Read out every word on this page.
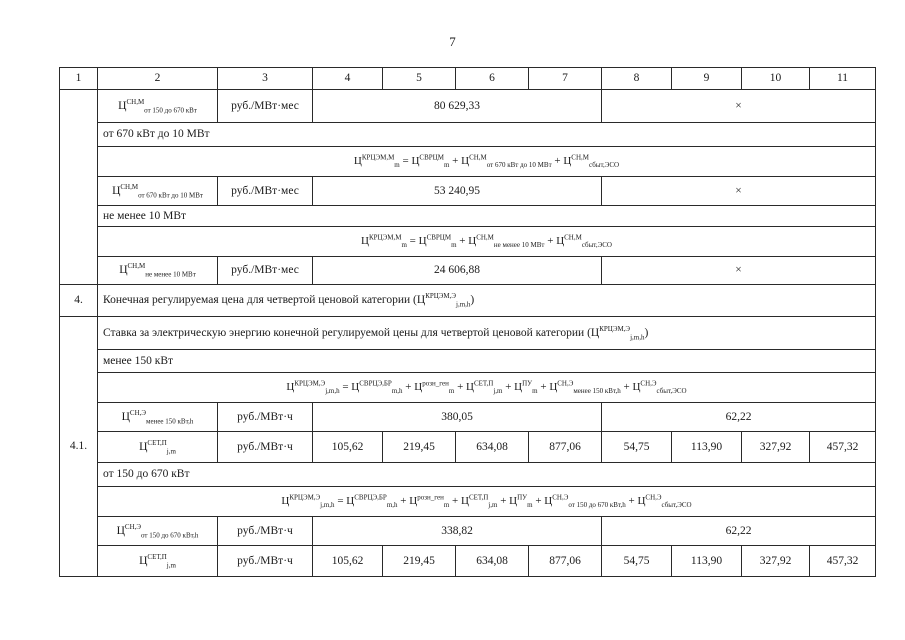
7
1	2	3	4	5	6	7	8	9	10	11
	$Ц^{СН,М}_{от 150 до 670 кВт}$	руб./МВт·мес	80 629,33				×			
	от 670 кВт до 10 МВт									
	$Ц^{КРЦЭМ,М}_m = Ц^{СВРЦМ}_m + Ц^{СН,М}_{от 670 кВт до 10 МВт} + Ц^{СН,М}_{сбыт,ЭСО}$
	$Ц^{СН,М}_{от 670 кВт до 10 МВт}$	руб./МВт·мес	53 240,95				×			
	не менее 10 МВт									
	$Ц^{КРЦЭМ,М}_m = Ц^{СВРЦМ}_m + Ц^{СН,М}_{не менее 10 МВт} + Ц^{СН,М}_{сбыт,ЭСО}$
	$Ц^{СН,М}_{не менее 10 МВт}$	руб./МВт·мес	24 606,88				×			
4.	Конечная регулируемая цена для четвертой ценовой категории $(Ц^{КРЦЭМ,Э}_{j,m,h})$									
4.1.	Ставка за электрическую энергию конечной регулируемой цены для четвертой ценовой категории $(Ц^{КРЦЭМ,Э}_{j,m,h})$									
	менее 150 кВт									
	$Ц^{КРЦЭМ,Э}_{j,m,h} = Ц^{СВРЦЭ,БР}_{m,h} + Ц^{розн\_ген}_m + Ц^{СЕТ,П}_{j,m} + Ц^{ПУ}_m + Ц^{СН,Э}_{менее 150 кВт,h} + Ц^{СН,Э}_{сбыт,ЭСО}$
	$Ц^{СН,Э}_{менее 150 кВт,h}$	руб./МВт·ч	380,05				62,22			
	$Ц^{СЕТ,П}_{j,m}$	руб./МВт·ч	105,62	219,45	634,08	877,06	54,75	113,90	327,92	457,32
	от 150 до 670 кВт									
	$Ц^{КРЦЭМ,Э}_{j,m,h} = Ц^{СВРЦЭ,БР}_{m,h} + Ц^{розн\_ген}_m + Ц^{СЕТ,П}_{j,m} + Ц^{ПУ}_m + Ц^{СН,Э}_{от 150 до 670 кВт,h} + Ц^{СН,Э}_{сбыт,ЭСО}$
	$Ц^{СН,Э}_{от 150 до 670 кВт,h}$	руб./МВт·ч	338,82				62,22			
	$Ц^{СЕТ,П}_{j,m}$	руб./МВт·ч	105,62	219,45	634,08	877,06	54,75	113,90	327,92	457,32
